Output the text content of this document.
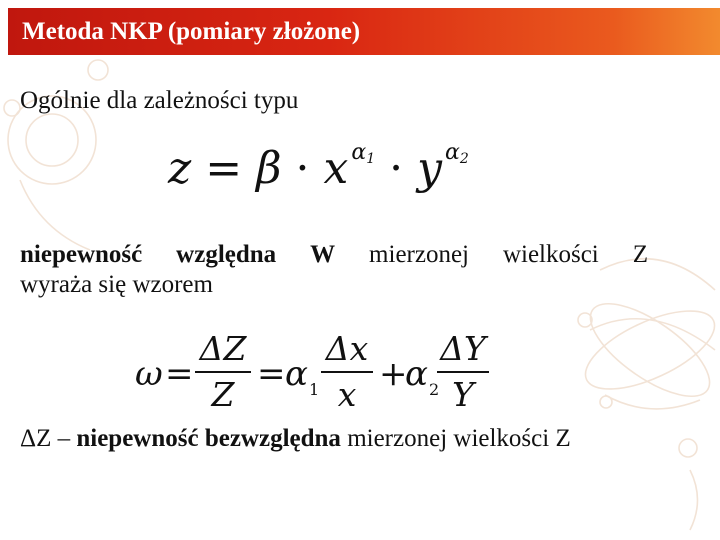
Metoda NKP (pomiary złożone)
Ogólnie dla zależności typu
z = β · x $^{\alpha_1}$ · y $^{\alpha_2}$
niepewność względna W mierzonej wielkości Z
wyraża się wzorem
ω =
ΔZ
$Z = \alpha_1$
Δx
x +
$\alpha_2$
ΔY
Y
ΔZ – niepewność bezwzględna mierzonej wielkości Z
